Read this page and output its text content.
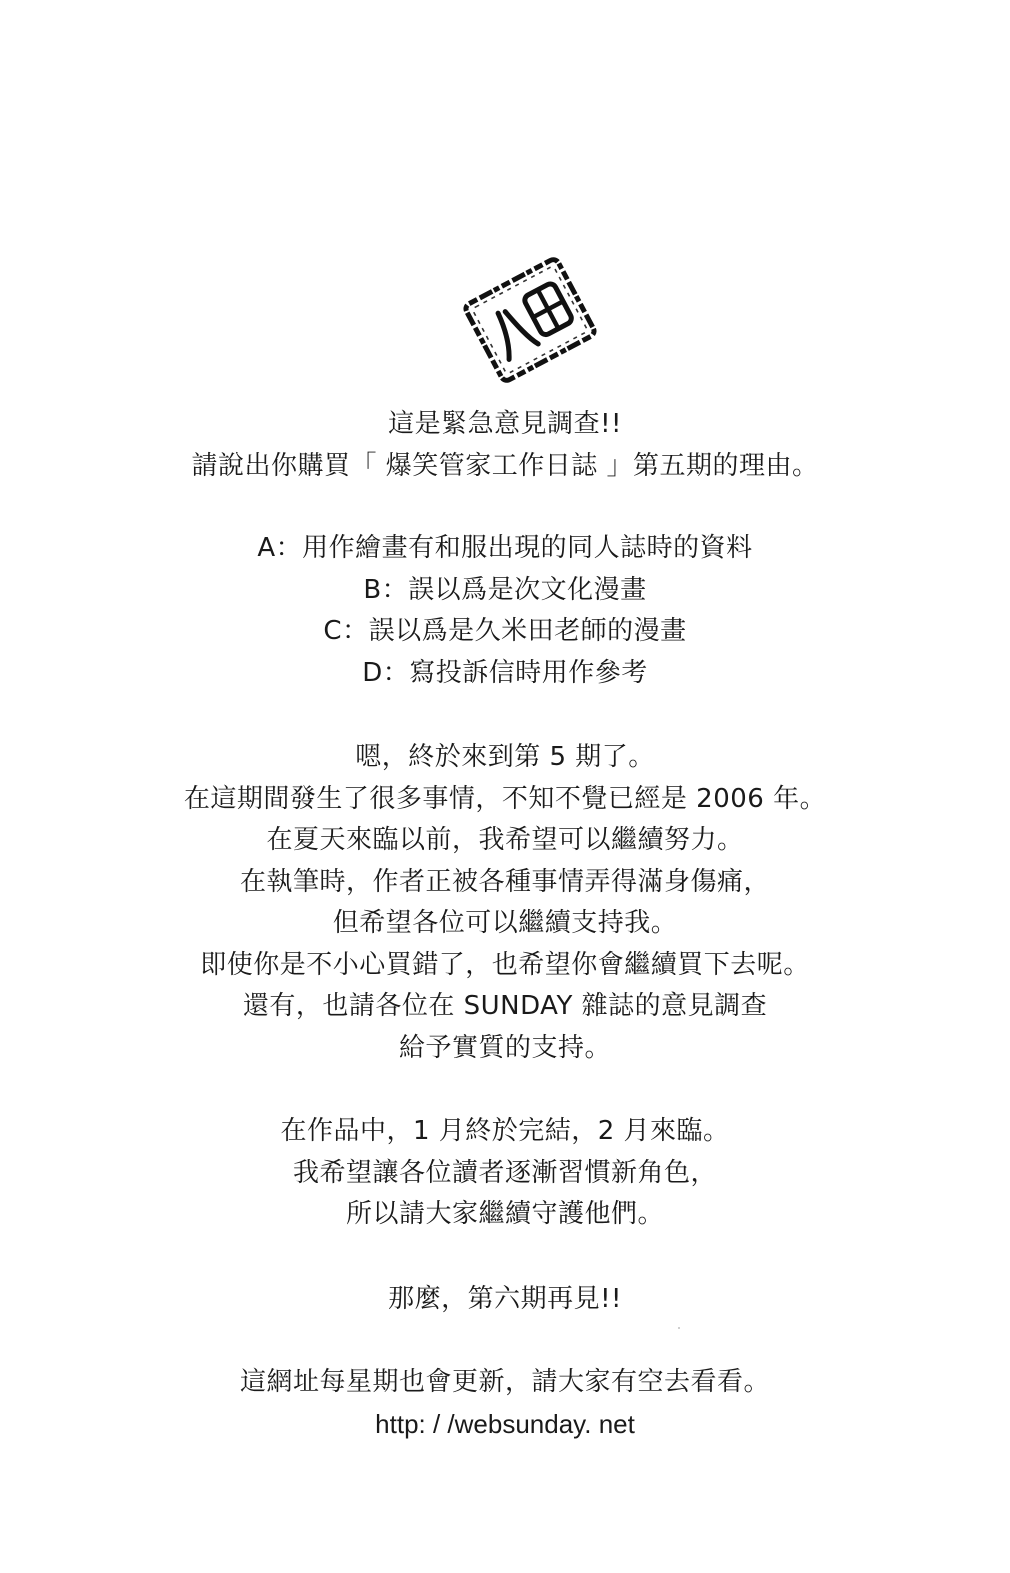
這是緊急意見調查!!
請說出你購買「 爆笑管家工作日誌 」第五期的理由。
A：用作繪畫有和服出現的同人誌時的資料
B：誤以爲是次文化漫畫
C：誤以爲是久米田老師的漫畫
D：寫投訴信時用作參考
嗯，終於來到第 5 期了。
在這期間發生了很多事情，不知不覺已經是 2006 年。
在夏天來臨以前，我希望可以繼續努力。
在執筆時，作者正被各種事情弄得滿身傷痛，
但希望各位可以繼續支持我。
即使你是不小心買錯了，也希望你會繼續買下去呢。
還有，也請各位在 SUNDAY 雜誌的意見調查
給予實質的支持。
在作品中，1 月終於完結，2 月來臨。
我希望讓各位讀者逐漸習慣新角色，
所以請大家繼續守護他們。
那麼，第六期再見!!
這網址每星期也會更新，請大家有空去看看。
http: / /websunday. net
